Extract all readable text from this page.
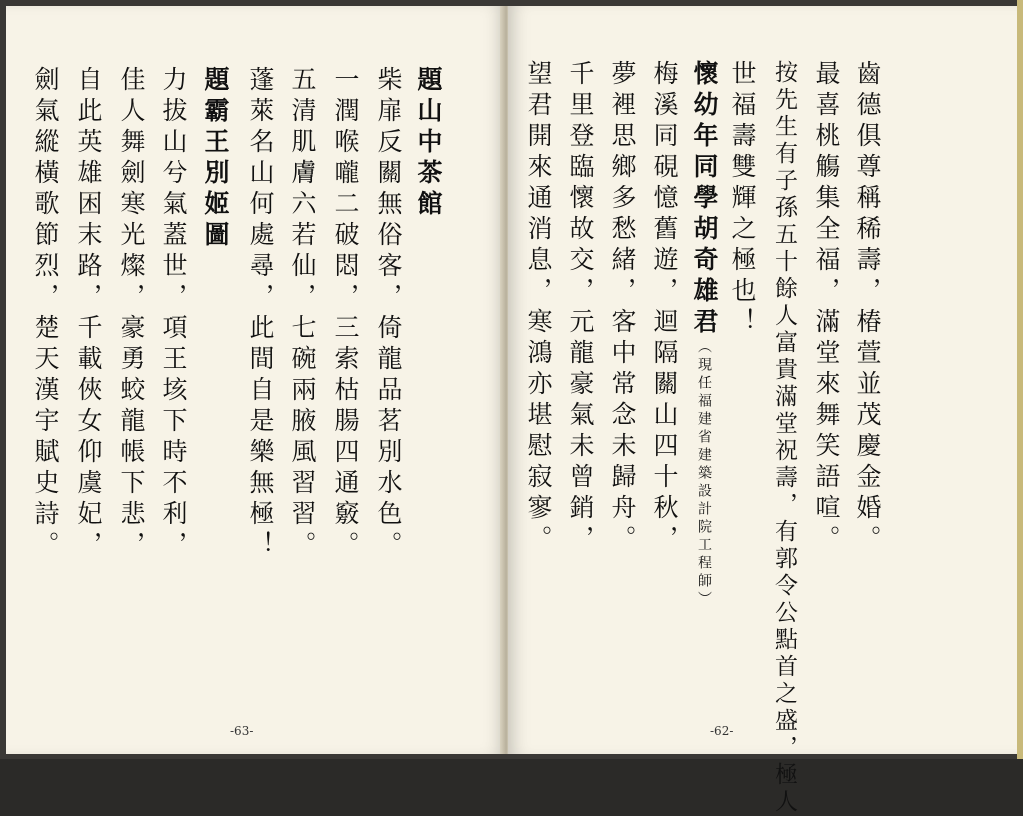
題山中茶館
柴扉反關無俗客，倚龍品茗別水色。
一潤喉嚨二破悶，三索枯腸四通竅。
五清肌膚六若仙，七碗兩腋風習習。
蓬萊名山何處尋，此間自是樂無極！
題霸王別姬圖
力拔山兮氣蓋世，項王垓下時不利，
佳人舞劍寒光燦，豪勇蛟龍帳下悲，
自此英雄困末路，千載俠女仰虞妃，
劍氣縱橫歌節烈，楚天漢宇賦史詩。
-63-
齒德俱尊稱稀壽，椿萱並茂慶金婚。
最喜桃觴集全福，滿堂來舞笑語喧。
按先生有子孫五十餘人富貴滿堂祝壽，有郭令公點首之盛，極人
世福壽雙輝之極也！
懷幼年同學胡奇雄君（現任福建省建築設計院工程師）
梅溪同硯憶舊遊，迴隔關山四十秋，
夢裡思鄉多愁緒，客中常念未歸舟。
千里登臨懷故交，元龍豪氣未曾銷，
望君開來通消息，寒鴻亦堪慰寂寥。
-62-
